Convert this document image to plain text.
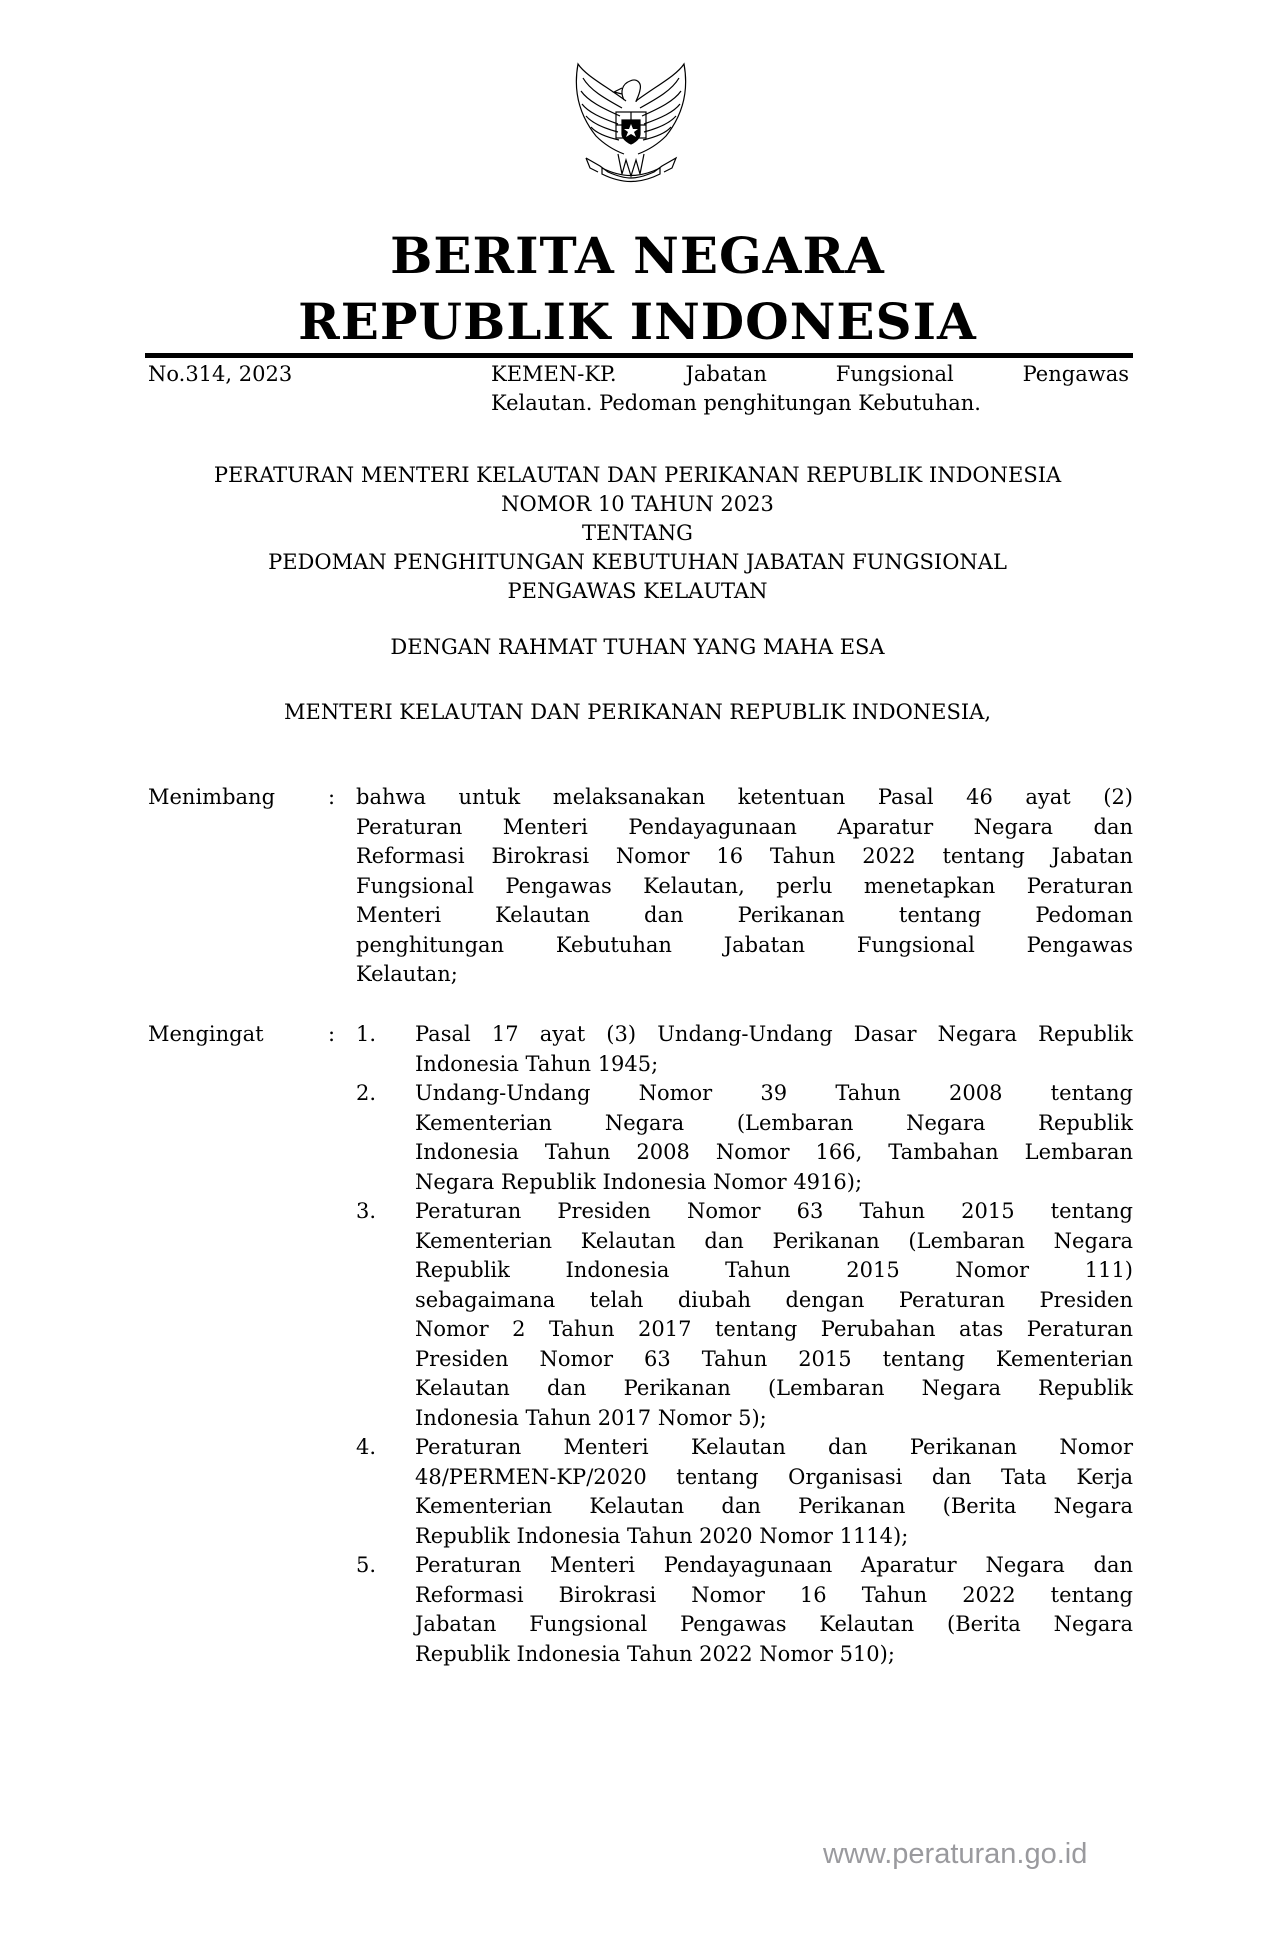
BERITA NEGARA
REPUBLIK INDONESIA
No.314, 2023	KEMEN-KP. Jabatan Fungsional Pengawas
Kelautan. Pedoman penghitungan Kebutuhan.
PERATURAN MENTERI KELAUTAN DAN PERIKANAN REPUBLIK INDONESIA
NOMOR 10 TAHUN 2023
TENTANG
PEDOMAN PENGHITUNGAN KEBUTUHAN JABATAN FUNGSIONAL
PENGAWAS KELAUTAN
DENGAN RAHMAT TUHAN YANG MAHA ESA
MENTERI KELAUTAN DAN PERIKANAN REPUBLIK INDONESIA,
Menimbang	: bahwa untuk melaksanakan ketentuan Pasal 46 ayat (2)
Peraturan Menteri Pendayagunaan Aparatur Negara dan
Reformasi Birokrasi Nomor 16 Tahun 2022 tentang Jabatan
Fungsional Pengawas Kelautan, perlu menetapkan Peraturan
Menteri Kelautan dan Perikanan tentang Pedoman
penghitungan Kebutuhan Jabatan Fungsional Pengawas
Kelautan;
Mengingat	: 1. Pasal 17 ayat (3) Undang-Undang Dasar Negara Republik
Indonesia Tahun 1945;
2. Undang-Undang Nomor 39 Tahun 2008 tentang
Kementerian Negara (Lembaran Negara Republik
Indonesia Tahun 2008 Nomor 166, Tambahan Lembaran
Negara Republik Indonesia Nomor 4916);
3. Peraturan Presiden Nomor 63 Tahun 2015 tentang
Kementerian Kelautan dan Perikanan (Lembaran Negara
Republik Indonesia Tahun 2015 Nomor 111)
sebagaimana telah diubah dengan Peraturan Presiden
Nomor 2 Tahun 2017 tentang Perubahan atas Peraturan
Presiden Nomor 63 Tahun 2015 tentang Kementerian
Kelautan dan Perikanan (Lembaran Negara Republik
Indonesia Tahun 2017 Nomor 5);
4. Peraturan Menteri Kelautan dan Perikanan Nomor
48/PERMEN-KP/2020 tentang Organisasi dan Tata Kerja
Kementerian Kelautan dan Perikanan (Berita Negara
Republik Indonesia Tahun 2020 Nomor 1114);
5. Peraturan Menteri Pendayagunaan Aparatur Negara dan
Reformasi Birokrasi Nomor 16 Tahun 2022 tentang
Jabatan Fungsional Pengawas Kelautan (Berita Negara
Republik Indonesia Tahun 2022 Nomor 510);
www.peraturan.go.id
